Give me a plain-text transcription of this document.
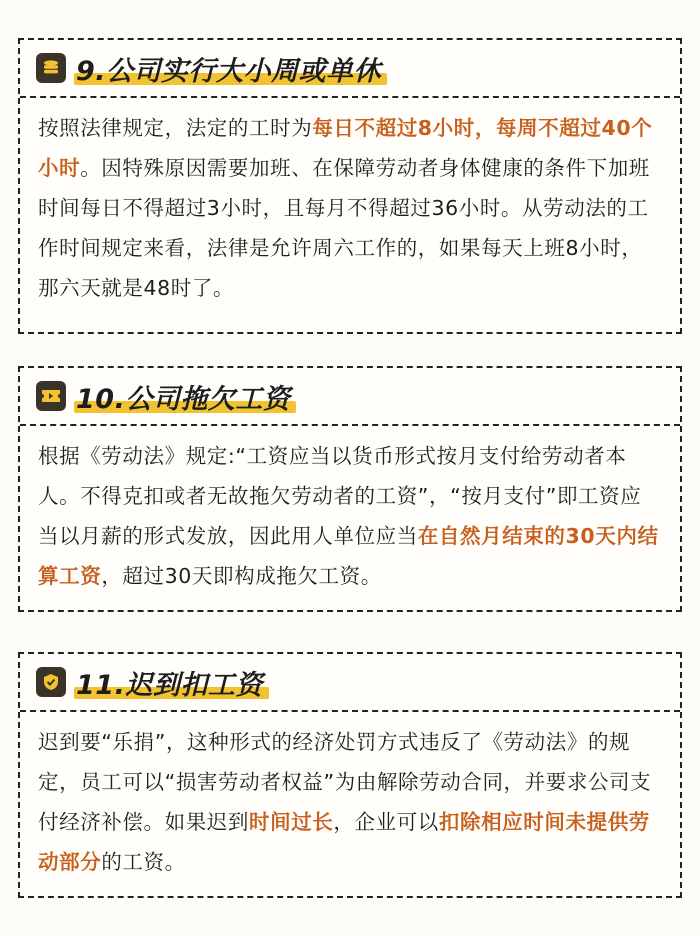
9.公司实行大小周或单休
按照法律规定，法定的工时为每日不超过8小时，每周不超过40个小时。因特殊原因需要加班、在保障劳动者身体健康的条件下加班时间每日不得超过3小时，且每月不得超过36小时。从劳动法的工作时间规定来看，法律是允许周六工作的，如果每天上班8小时，那六天就是48时了。
10.公司拖欠工资
根据《劳动法》规定:“工资应当以货币形式按月支付给劳动者本人。不得克扣或者无故拖欠劳动者的工资”，“按月支付”即工资应当以月薪的形式发放，因此用人单位应当在自然月结束的30天内结算工资，超过30天即构成拖欠工资。
11.迟到扣工资
迟到要“乐捐”，这种形式的经济处罚方式违反了《劳动法》的规定，员工可以“损害劳动者权益”为由解除劳动合同，并要求公司支付经济补偿。如果迟到时间过长，企业可以扣除相应时间未提供劳动部分的工资。
